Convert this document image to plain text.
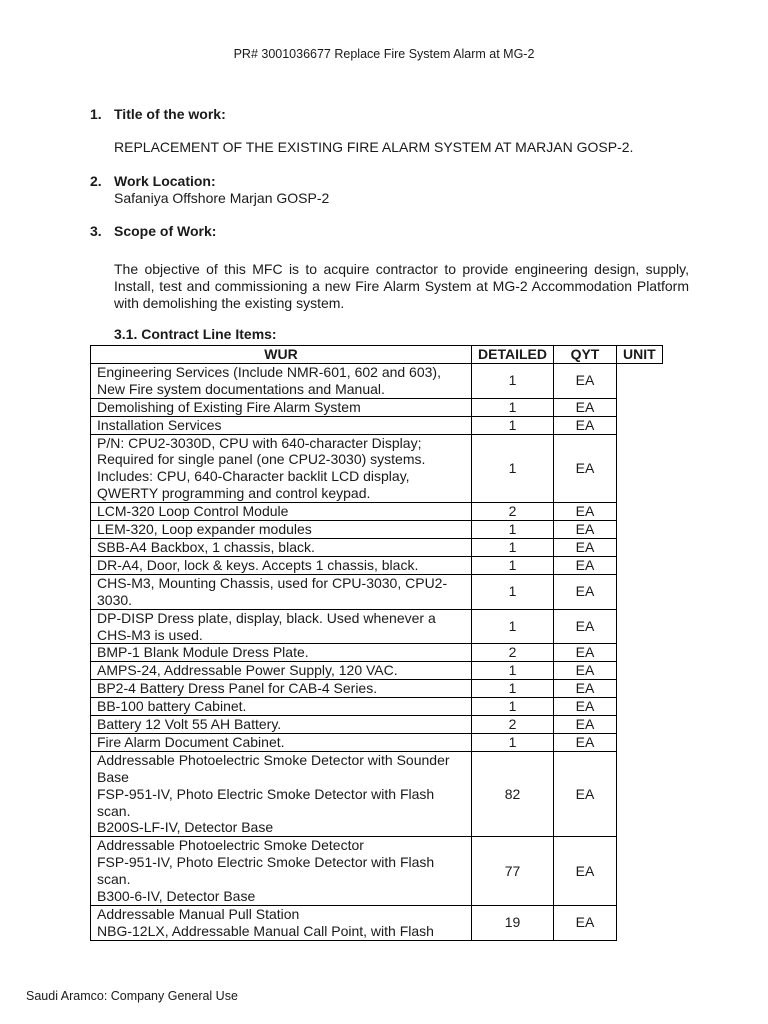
PR# 3001036677 Replace Fire System Alarm at MG-2
1. Title of the work:
REPLACEMENT OF THE EXISTING FIRE ALARM SYSTEM AT MARJAN GOSP-2.
2. Work Location:
Safaniya Offshore Marjan GOSP-2
3. Scope of Work:
The objective of this MFC is to acquire contractor to provide engineering design, supply, Install, test and commissioning a new Fire Alarm System at MG-2 Accommodation Platform with demolishing the existing system.
3.1. Contract Line Items:
WUR	DETAILED	QYT	UNIT

Engineering Services (Include NMR-601, 602 and 603),
New Fire system documentations and Manual.	1	EA	

Demolishing of Existing Fire Alarm System	1	EA	

Installation Services	1	EA	

P/N: CPU2-3030D, CPU with 640-character Display;
Required for single panel (one CPU2-3030) systems.
Includes: CPU, 640-Character backlit LCD display,
QWERTY programming and control keypad.	1	EA	

LCM-320 Loop Control Module	2	EA	

LEM-320, Loop expander modules	1	EA	

SBB-A4 Backbox, 1 chassis, black.	1	EA	

DR-A4, Door, lock & keys. Accepts 1 chassis, black.	1	EA	

CHS-M3, Mounting Chassis, used for CPU-3030, CPU2-
3030.	1	EA	

DP-DISP Dress plate, display, black. Used whenever a
CHS-M3 is used.	1	EA	

BMP-1 Blank Module Dress Plate.	2	EA	

AMPS-24, Addressable Power Supply, 120 VAC.	1	EA	

BP2-4 Battery Dress Panel for CAB-4 Series.	1	EA	

BB-100 battery Cabinet.	1	EA	

Battery 12 Volt 55 AH Battery.	2	EA	

Fire Alarm Document Cabinet.	1	EA	

Addressable Photoelectric Smoke Detector with Sounder
Base
FSP-951-IV, Photo Electric Smoke Detector with Flash
scan.
B200S-LF-IV, Detector Base	82	EA	

Addressable Photoelectric Smoke Detector
FSP-951-IV, Photo Electric Smoke Detector with Flash
scan.
B300-6-IV, Detector Base	77	EA	

Addressable Manual Pull Station
NBG-12LX, Addressable Manual Call Point, with Flash	19	EA	
Saudi Aramco: Company General Use
